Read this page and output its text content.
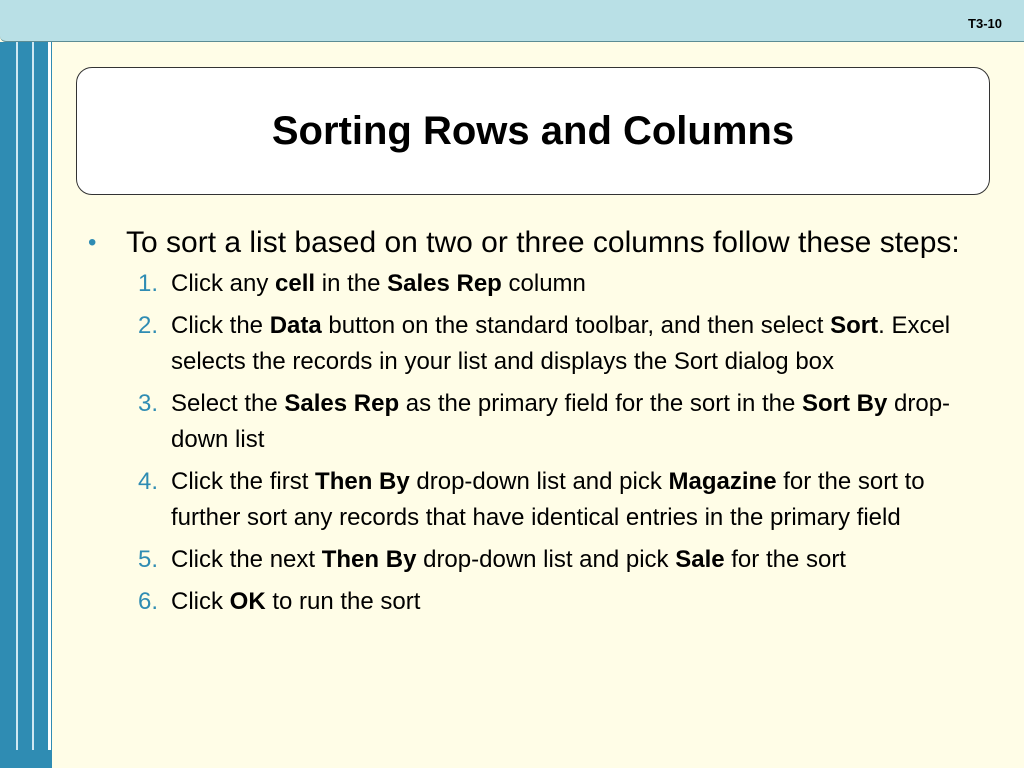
T3-10
Sorting Rows and Columns
• To sort a list based on two or three columns follow these steps:
1. Click any cell in the Sales Rep column
2. Click the Data button on the standard toolbar, and then select Sort. Excel selects the records in your list and displays the Sort dialog box
3. Select the Sales Rep as the primary field for the sort in the Sort By drop-down list
4. Click the first Then By drop-down list and pick Magazine for the sort to further sort any records that have identical entries in the primary field
5. Click the next Then By drop-down list and pick Sale for the sort
6. Click OK to run the sort
